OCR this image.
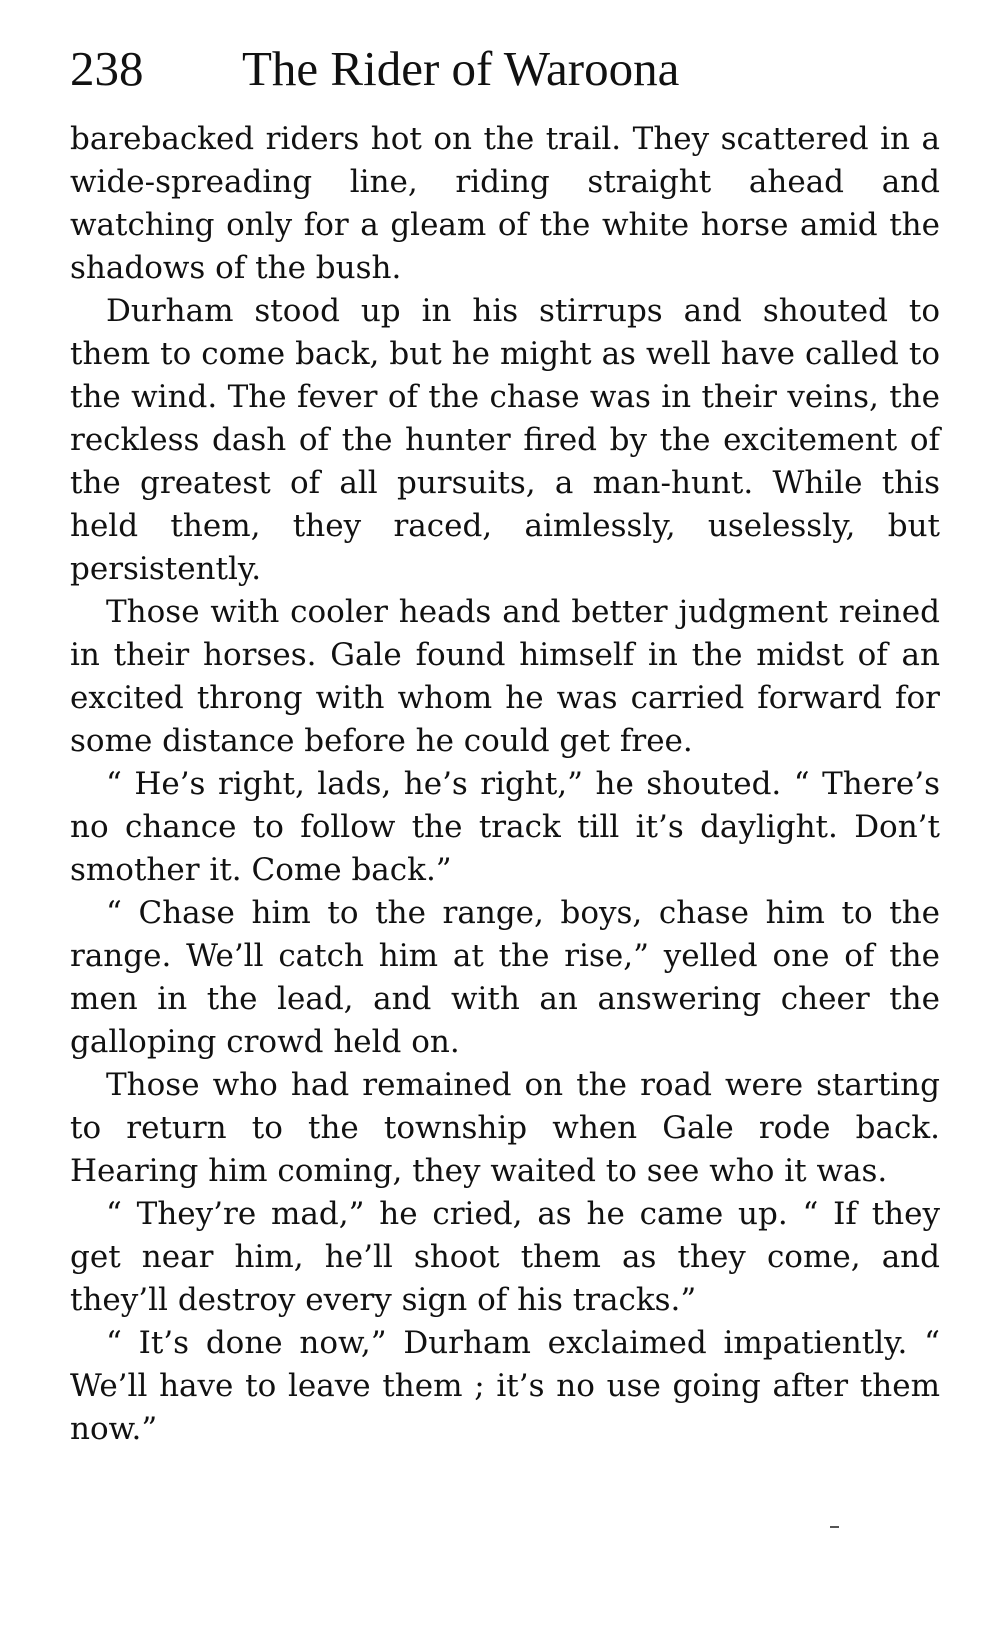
238 The Rider of Waroona

barebacked riders hot on the trail. They scattered in a wide-spreading line, riding straight ahead and watching only for a gleam of the white horse amid the shadows of the bush.

Durham stood up in his stirrups and shouted to them to come back, but he might as well have called to the wind. The fever of the chase was in their veins, the reckless dash of the hunter fired by the excitement of the greatest of all pursuits, a man-hunt. While this held them, they raced, aimlessly, uselessly, but persistently.

Those with cooler heads and better judgment reined in their horses. Gale found himself in the midst of an excited throng with whom he was carried forward for some distance before he could get free.

“ He’s right, lads, he’s right,” he shouted. “ There’s no chance to follow the track till it’s daylight. Don’t smother it. Come back.”

“ Chase him to the range, boys, chase him to the range. We’ll catch him at the rise,” yelled one of the men in the lead, and with an answering cheer the galloping crowd held on.

Those who had remained on the road were starting to return to the township when Gale rode back. Hearing him coming, they waited to see who it was.

“ They’re mad,” he cried, as he came up. “ If they get near him, he’ll shoot them as they come, and they’ll destroy every sign of his tracks.”

“ It’s done now,” Durham exclaimed impatiently. “ We’ll have to leave them ; it’s no use going after them now.”
